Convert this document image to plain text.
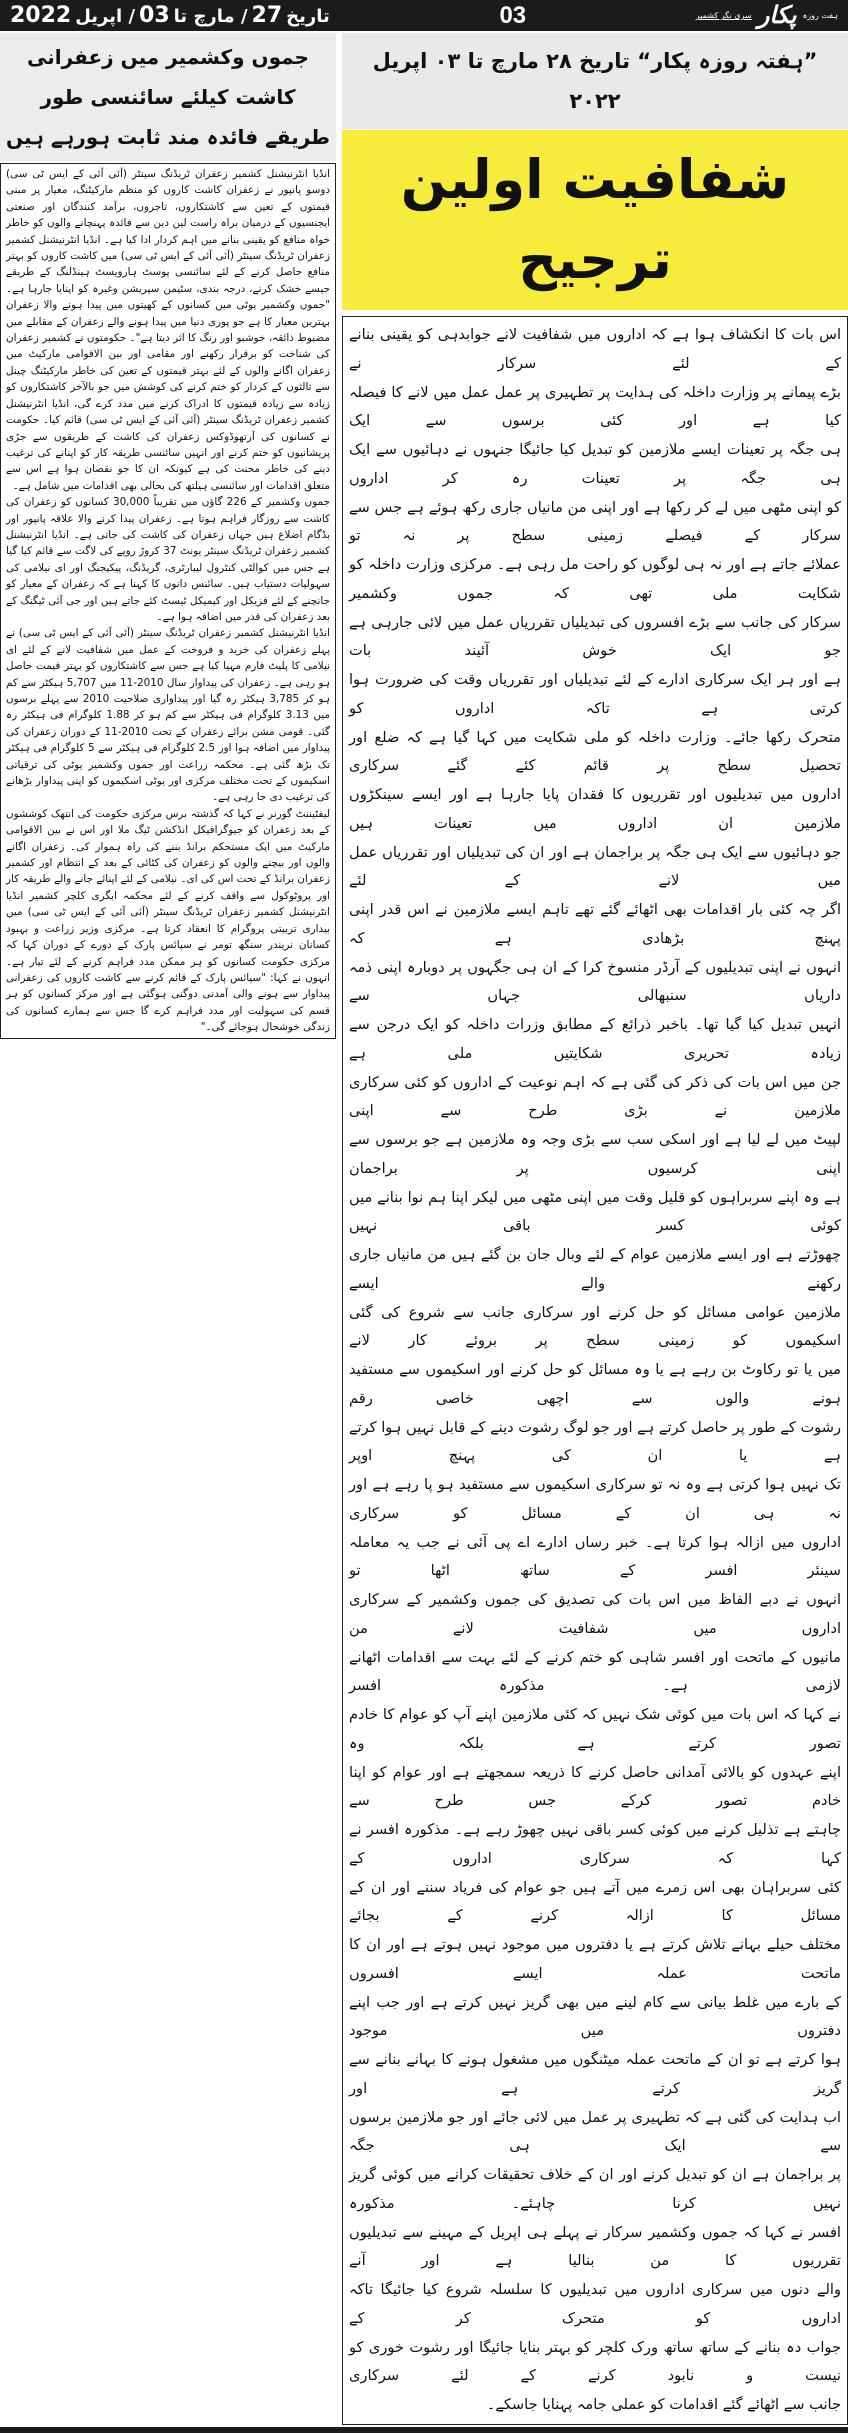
تاریخ
27
/ مارچ تا
03
/ اپریل
2022	03	ہفت روزہ
پکار
سری نگر کشمیر
جموں وکشمیر میں زعفرانی کاشت کیلئے سائنسی طور
طریقے فائدہ مند ثابت ہورہے ہیں

انڈیا انٹرنیشنل کشمیر زعفران ٹریڈنگ سینٹر (آئی آئی کے ایس ٹی سی) دوسو پانپور نے زعفران کاشت کاروں کو منظم مارکیٹنگ، معیار پر مبنی قیمتوں کے تعین سے کاشتکاروں، تاجروں، برآمد کنندگان اور صنعتی ایجنسیوں کے درمیان براہ راست لین دین سے فائدہ پہنچانے والوں کو خاطر خواہ منافع کو یقینی بنانے میں اہم کردار ادا کیا ہے۔ انڈیا انٹرنیشنل کشمیر زعفران ٹریڈنگ سینٹر (آئی آئی کے ایس ٹی سی) میں کاشت کاروں کو بہتر منافع حاصل کرنے کے لئے سائنسی پوسٹ ہارویسٹ ہینڈلنگ کے طریقے جیسے خشک کرنے، درجہ بندی، سٹیمن سپریشن وغیرہ کو اپنایا جارہا ہے۔ "جموں وکشمیر یوٹی میں کسانوں کے کھیتوں میں پیدا ہونے والا زعفران بہترین معیار کا ہے جو پوری دنیا میں پیدا ہونے والے زعفران کے مقابلے میں مضبوط ذائقہ، خوشبو اور رنگ کا اثر دیتا ہے"۔ حکومتوں نے کشمیر زعفران کی شناخت کو برقرار رکھنے اور مقامی اور بین الاقوامی مارکیٹ میں زعفران اگانے والوں کے لئے بہتر قیمتوں کے تعین کی خاطر مارکیٹنگ چینل سے ثالثوں کے کردار کو ختم کرنے کی کوشش میں جو بالآخر کاشتکاروں کو زیادہ سے زیادہ قیمتوں کا ادراک کرنے میں مدد کرے گی، انڈیا انٹرنیشنل کشمیر زعفران ٹریڈنگ سینٹر (آئی آئی کے ایس ٹی سی) قائم کیا۔ حکومت نے کسانوں کی آرتھوڈوکس زعفران کی کاشت کے طریقوں سے جڑی پریشانیوں کو ختم کرنے اور انہیں سائنسی طریقہ کار کو اپنانے کی ترغیب دینے کی خاطر محنت کی ہے کیونکہ ان کا جو نقصان ہوا ہے اس سے متعلق اقدامات اور سائنسی ہیلتھ کی بحالی بھی اقدامات میں شامل ہے۔

جموں وکشمیر کے 226 گاؤں میں تقریباً 30,000 کسانوں کو زعفران کی کاشت سے روزگار فراہم ہوتا ہے۔ زعفران پیدا کرنے والا علاقہ پانپور اور بڈگام اضلاع ہیں جہاں زعفران کی کاشت کی جاتی ہے۔ انڈیا انٹرنیشنل کشمیر زعفران ٹریڈنگ سینٹر یونٹ 37 کروڑ روپے کی لاگت سے قائم کیا گیا ہے جس میں کوالٹی کنٹرول لیبارٹری، گریڈنگ، پیکیجنگ اور ای نیلامی کی سہولیات دستیاب ہیں۔ سائنس دانوں کا کہنا ہے کہ زعفران کے معیار کو جانچنے کے لئے فزیکل اور کیمیکل ٹیسٹ کئے جاتے ہیں اور جی آئی ٹیگنگ کے بعد زعفران کی قدر میں اضافہ ہوا ہے۔

انڈیا انٹرنیشنل کشمیر زعفران ٹریڈنگ سینٹر (آئی آئی کے ایس ٹی سی) نے پہلے زعفران کی خرید و فروخت کے عمل میں شفافیت لانے کے لئے ای نیلامی کا پلیٹ فارم مہیا کیا ہے جس سے کاشتکاروں کو بہتر قیمت حاصل ہو رہی ہے۔ زعفران کی پیداوار سال 2010-11 میں 5,707 ہیکٹر سے کم ہو کر 3,785 ہیکٹر رہ گیا اور پیداواری صلاحیت 2010 سے پہلے برسوں میں 3.13 کلوگرام فی ہیکٹر سے کم ہو کر 1.88 کلوگرام فی ہیکٹر رہ گئی۔ قومی مشن برائے زعفران کے تحت 2010-11 کے دوران زعفران کی پیداوار میں اضافہ ہوا اور 2.5 کلوگرام فی ہیکٹر سے 5 کلوگرام فی ہیکٹر تک بڑھ گئی ہے۔ محکمہ زراعت اور جموں وکشمیر یوٹی کی ترقیاتی اسکیموں کے تحت مختلف مرکزی اور یوٹی اسکیموں کو اپنی پیداوار بڑھانے کی ترغیب دی جا رہی ہے۔

لیفٹیننٹ گورنر نے کہا کہ گذشتہ برس مرکزی حکومت کی انتھک کوششوں کے بعد زعفران کو جیوگرافیکل انڈکشن ٹیگ ملا اور اس نے بین الاقوامی مارکیٹ میں ایک مستحکم برانڈ بننے کی راہ ہموار کی۔ زعفران اگانے والوں اور بیچنے والوں کو زعفران کی کٹائی کے بعد کے انتظام اور کشمیر زعفران برانڈ کے تحت اس کی ای۔ نیلامی کے لئے اپنائے جانے والے طریقہ کار اور پروٹوکول سے واقف کرنے کے لئے محکمہ ایگری کلچر کشمیر انڈیا انٹرنیشنل کشمیر زعفران ٹریڈنگ سینٹر (آئی آئی کے ایس ٹی سی) میں بیداری تربیتی پروگرام کا انعقاد کرتا ہے۔ مرکزی وزیر زراعت و بہبود کسانان نریندر سنگھ تومر نے سپائس پارک کے دورے کے دوران کہا کہ مرکزی حکومت کسانوں کو ہر ممکن مدد فراہم کرنے کے لئے تیار ہے۔ انہوں نے کہا: "سپائس پارک کے قائم کرنے سے کاشت کاروں کی زعفرانی پیداوار سے ہونے والی آمدنی دوگنی ہوگئی ہے اور مرکز کسانوں کو ہر قسم کی سہولیت اور مدد فراہم کرے گا جس سے ہمارے کسانوں کی زندگی خوشحال ہوجائے گی۔"

”ہفتہ روزہ پکار“ تاریخ ۲۸ مارچ تا ۰۳ اپریل ۲۰۲۲
شفافیت اولین ترجیح
اس بات کا انکشاف ہوا ہے کہ اداروں میں شفافیت لانے جوابدہی کو یقینی بنانے کے لئے سرکار نے
بڑے پیمانے پر وزارت داخلہ کی ہدایت پر تطہیری پر عمل عمل میں لانے کا فیصلہ کیا ہے اور کئی برسوں سے ایک
ہی جگہ پر تعینات ایسے ملازمین کو تبدیل کیا جائیگا جنہوں نے دہائیوں سے ایک ہی جگہ پر تعینات رہ کر اداروں
کو اپنی مٹھی میں لے کر رکھا ہے اور اپنی من مانیاں جاری رکھ ہوئے ہے جس سے سرکار کے فیصلے زمینی سطح پر نہ تو
عملائے جاتے ہے اور نہ ہی لوگوں کو راحت مل رہی ہے۔ مرکزی وزارت داخلہ کو شکایت ملی تھی کہ جموں وکشمیر
سرکار کی جانب سے بڑے افسروں کی تبدیلیاں تقرریاں عمل میں لائی جارہی ہے جو ایک خوش آئیند بات
ہے اور ہر ایک سرکاری ادارے کے لئے تبدیلیاں اور تقرریاں وقت کی ضرورت ہوا کرتی ہے تاکہ اداروں کو
متحرک رکھا جائے۔ وزارت داخلہ کو ملی شکایت میں کہا گیا ہے کہ ضلع اور تحصیل سطح پر قائم کئے گئے سرکاری
اداروں میں تبدیلیوں اور تقرریوں کا فقدان پایا جارہا ہے اور ایسے سینکڑوں ملازمین ان اداروں میں تعینات ہیں
جو دہائیوں سے ایک ہی جگہ پر براجمان ہے اور ان کی تبدیلیاں اور تقرریاں عمل میں لانے کے لئے
اگر چہ کئی بار اقدامات بھی اٹھائے گئے تھے تاہم ایسے ملازمین نے اس قدر اپنی پہنچ بڑھادی ہے کہ
انہوں نے اپنی تبدیلیوں کے آرڈر منسوخ کرا کے ان ہی جگہوں پر دوبارہ اپنی ذمہ داریاں سنبھالی جہاں سے
انہیں تبدیل کیا گیا تھا۔ باخبر ذرائع کے مطابق وزرات داخلہ کو ایک درجن سے زیادہ تحریری شکایتیں ملی ہے
جن میں اس بات کی ذکر کی گئی ہے کہ اہم نوعیت کے اداروں کو کئی سرکاری ملازمین نے بڑی طرح سے اپنی
لپیٹ میں لے لیا ہے اور اسکی سب سے بڑی وجہ وہ ملازمین ہے جو برسوں سے اپنی کرسیوں پر براجمان
ہے وہ اپنے سربراہوں کو قلیل وقت میں اپنی مٹھی میں لیکر اپنا ہم نوا بنانے میں کوئی کسر باقی نہیں
چھوڑتے ہے اور ایسے ملازمین عوام کے لئے وبال جان بن گئے ہیں من مانیاں جاری رکھنے والے ایسے
ملازمین عوامی مسائل کو حل کرنے اور سرکاری جانب سے شروع کی گئی اسکیموں کو زمینی سطح پر بروئے کار لانے
میں یا تو رکاوٹ بن رہے ہے یا وہ مسائل کو حل کرنے اور اسکیموں سے مستفید ہونے والوں سے اچھی خاصی رقم
رشوت کے طور پر حاصل کرتے ہے اور جو لوگ رشوت دینے کے قابل نہیں ہوا کرتے ہے یا ان کی پہنچ اوپر
تک نہیں ہوا کرتی ہے وہ نہ تو سرکاری اسکیموں سے مستفید ہو پا رہے ہے اور نہ ہی ان کے مسائل کو سرکاری
اداروں میں ازالہ ہوا کرتا ہے۔ خبر رساں ادارے اے پی آئی نے جب یہ معاملہ سینئر افسر کے ساتھ اٹھا تو
انہوں نے دبے الفاظ میں اس بات کی تصدیق کی جموں وکشمیر کے سرکاری اداروں میں شفافیت لانے من
مانیوں کے ماتحت اور افسر شاہی کو ختم کرنے کے لئے بہت سے اقدامات اٹھانے لازمی ہے۔ مذکورہ افسر
نے کہا کہ اس بات میں کوئی شک نہیں کہ کئی ملازمین اپنے آپ کو عوام کا خادم تصور کرتے ہے بلکہ وہ
اپنے عہدوں کو بالائی آمدانی حاصل کرنے کا ذریعہ سمجھتے ہے اور عوام کو اپنا خادم تصور کرکے جس طرح سے
چاہتے ہے تذلیل کرنے میں کوئی کسر باقی نہیں چھوڑ رہے ہے۔ مذکورہ افسر نے کہا کہ سرکاری اداروں کے
کئی سربراہان بھی اس زمرے میں آتے ہیں جو عوام کی فریاد سننے اور ان کے مسائل کا ازالہ کرنے کے بجائے
مختلف حیلے بہانے تلاش کرتے ہے یا دفتروں میں موجود نہیں ہوتے ہے اور ان کا ماتحت عملہ ایسے افسروں
کے بارے میں غلط بیانی سے کام لینے میں بھی گریز نہیں کرتے ہے اور جب اپنے دفتروں میں موجود
ہوا کرتے ہے تو ان کے ماتحت عملہ میٹنگوں میں مشغول ہونے کا بہانے بنانے سے گریز کرتے ہے اور
اب ہدایت کی گئی ہے کہ تطہیری پر عمل میں لائی جائے اور جو ملازمین برسوں سے ایک ہی جگہ
پر براجمان ہے ان کو تبدیل کرنے اور ان کے خلاف تحقیقات کرانے میں کوئی گریز نہیں کرنا چاہئے۔ مذکورہ
افسر نے کہا کہ جموں وکشمیر سرکار نے پہلے ہی اپریل کے مہینے سے تبدیلیوں تقرریوں کا من بنالیا ہے اور آنے
والے دنوں میں سرکاری اداروں میں تبدیلیوں کا سلسلہ شروع کیا جائیگا تاکہ اداروں کو متحرک کر کے
جواب دہ بنانے کے ساتھ ساتھ ورک کلچر کو بہتر بنایا جائیگا اور رشوت خوری کو نیست و نابود کرنے کے لئے سرکاری
جانب سے اٹھائے گئے اقدامات کو عملی جامہ پہنایا جاسکے۔
